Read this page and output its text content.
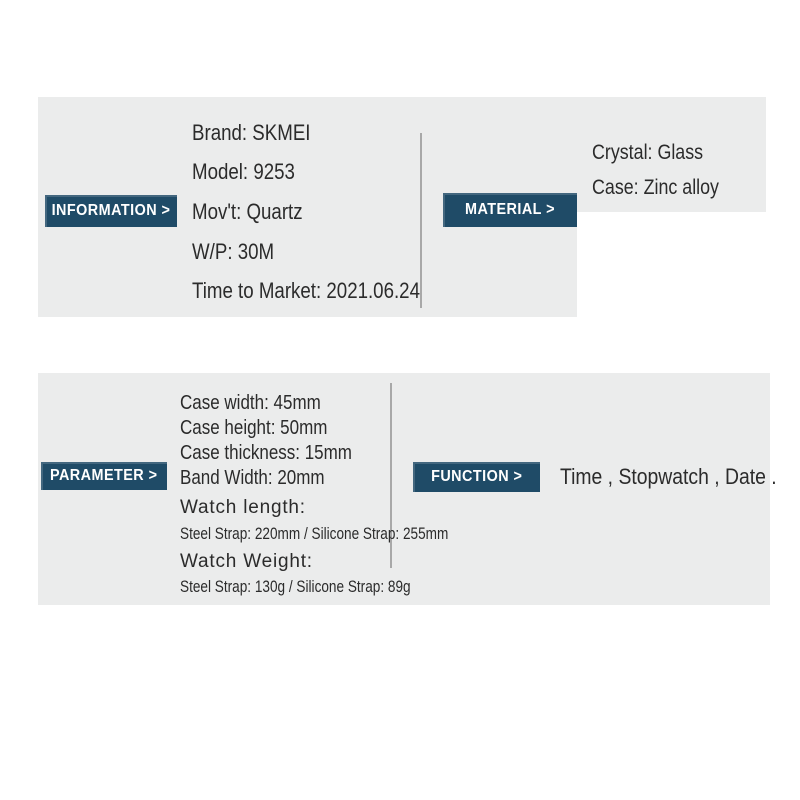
INFORMATION >
Brand: SKMEI
Model: 9253
Mov't: Quartz
W/P: 30M
Time to Market: 2021.06.24
MATERIAL >
Crystal: Glass
Case: Zinc alloy
PARAMETER >
Case width: 45mm
Case height: 50mm
Case thickness: 15mm
Band Width: 20mm
Watch length:
Steel Strap: 220mm / Silicone Strap: 255mm
Watch Weight:
Steel Strap: 130g / Silicone Strap: 89g
FUNCTION > Time , Stopwatch , Date .
